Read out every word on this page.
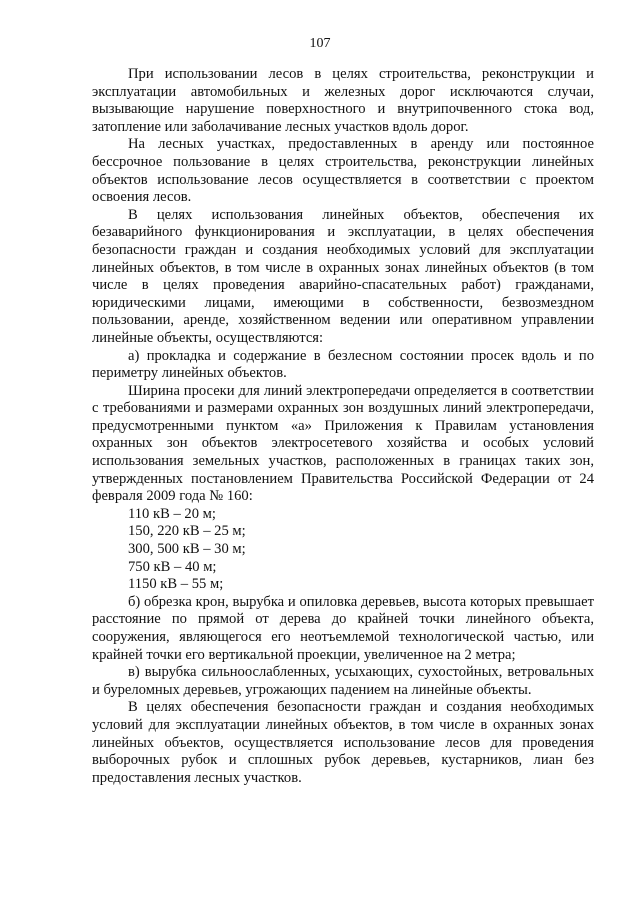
107

При использовании лесов в целях строительства, реконструкции и эксплуатации автомобильных и железных дорог исключаются случаи, вызывающие нарушение поверхностного и внутрипочвенного стока вод, затопление или заболачивание лесных участков вдоль дорог.

На лесных участках, предоставленных в аренду или постоянное бессрочное пользование в целях строительства, реконструкции линейных объектов использование лесов осуществляется в соответствии с проектом освоения лесов.

В целях использования линейных объектов, обеспечения их безаварийного функционирования и эксплуатации, в целях обеспечения безопасности граждан и создания необходимых условий для эксплуатации линейных объектов, в том числе в охранных зонах линейных объектов (в том числе в целях проведения аварийно-спасательных работ) гражданами, юридическими лицами, имеющими в собственности, безвозмездном пользовании, аренде, хозяйственном ведении или оперативном управлении линейные объекты, осуществляются:

а) прокладка и содержание в безлесном состоянии просек вдоль и по периметру линейных объектов.

Ширина просеки для линий электропередачи определяется в соответствии с требованиями и размерами охранных зон воздушных линий электропередачи, предусмотренными пунктом «а» Приложения к Правилам установления охранных зон объектов электросетевого хозяйства и особых условий использования земельных участков, расположенных в границах таких зон, утвержденных постановлением Правительства Российской Федерации от 24 февраля 2009 года № 160:

110 кВ – 20 м;

150, 220 кВ – 25 м;

300, 500 кВ – 30 м;

750 кВ – 40 м;

1150 кВ – 55 м;

б) обрезка крон, вырубка и опиловка деревьев, высота которых превышает расстояние по прямой от дерева до крайней точки линейного объекта, сооружения, являющегося его неотъемлемой технологической частью, или крайней точки его вертикальной проекции, увеличенное на 2 метра;

в) вырубка сильноослабленных, усыхающих, сухостойных, ветровальных и буреломных деревьев, угрожающих падением на линейные объекты.

В целях обеспечения безопасности граждан и создания необходимых условий для эксплуатации линейных объектов, в том числе в охранных зонах линейных объектов, осуществляется использование лесов для проведения выборочных рубок и сплошных рубок деревьев, кустарников, лиан без предоставления лесных участков.
